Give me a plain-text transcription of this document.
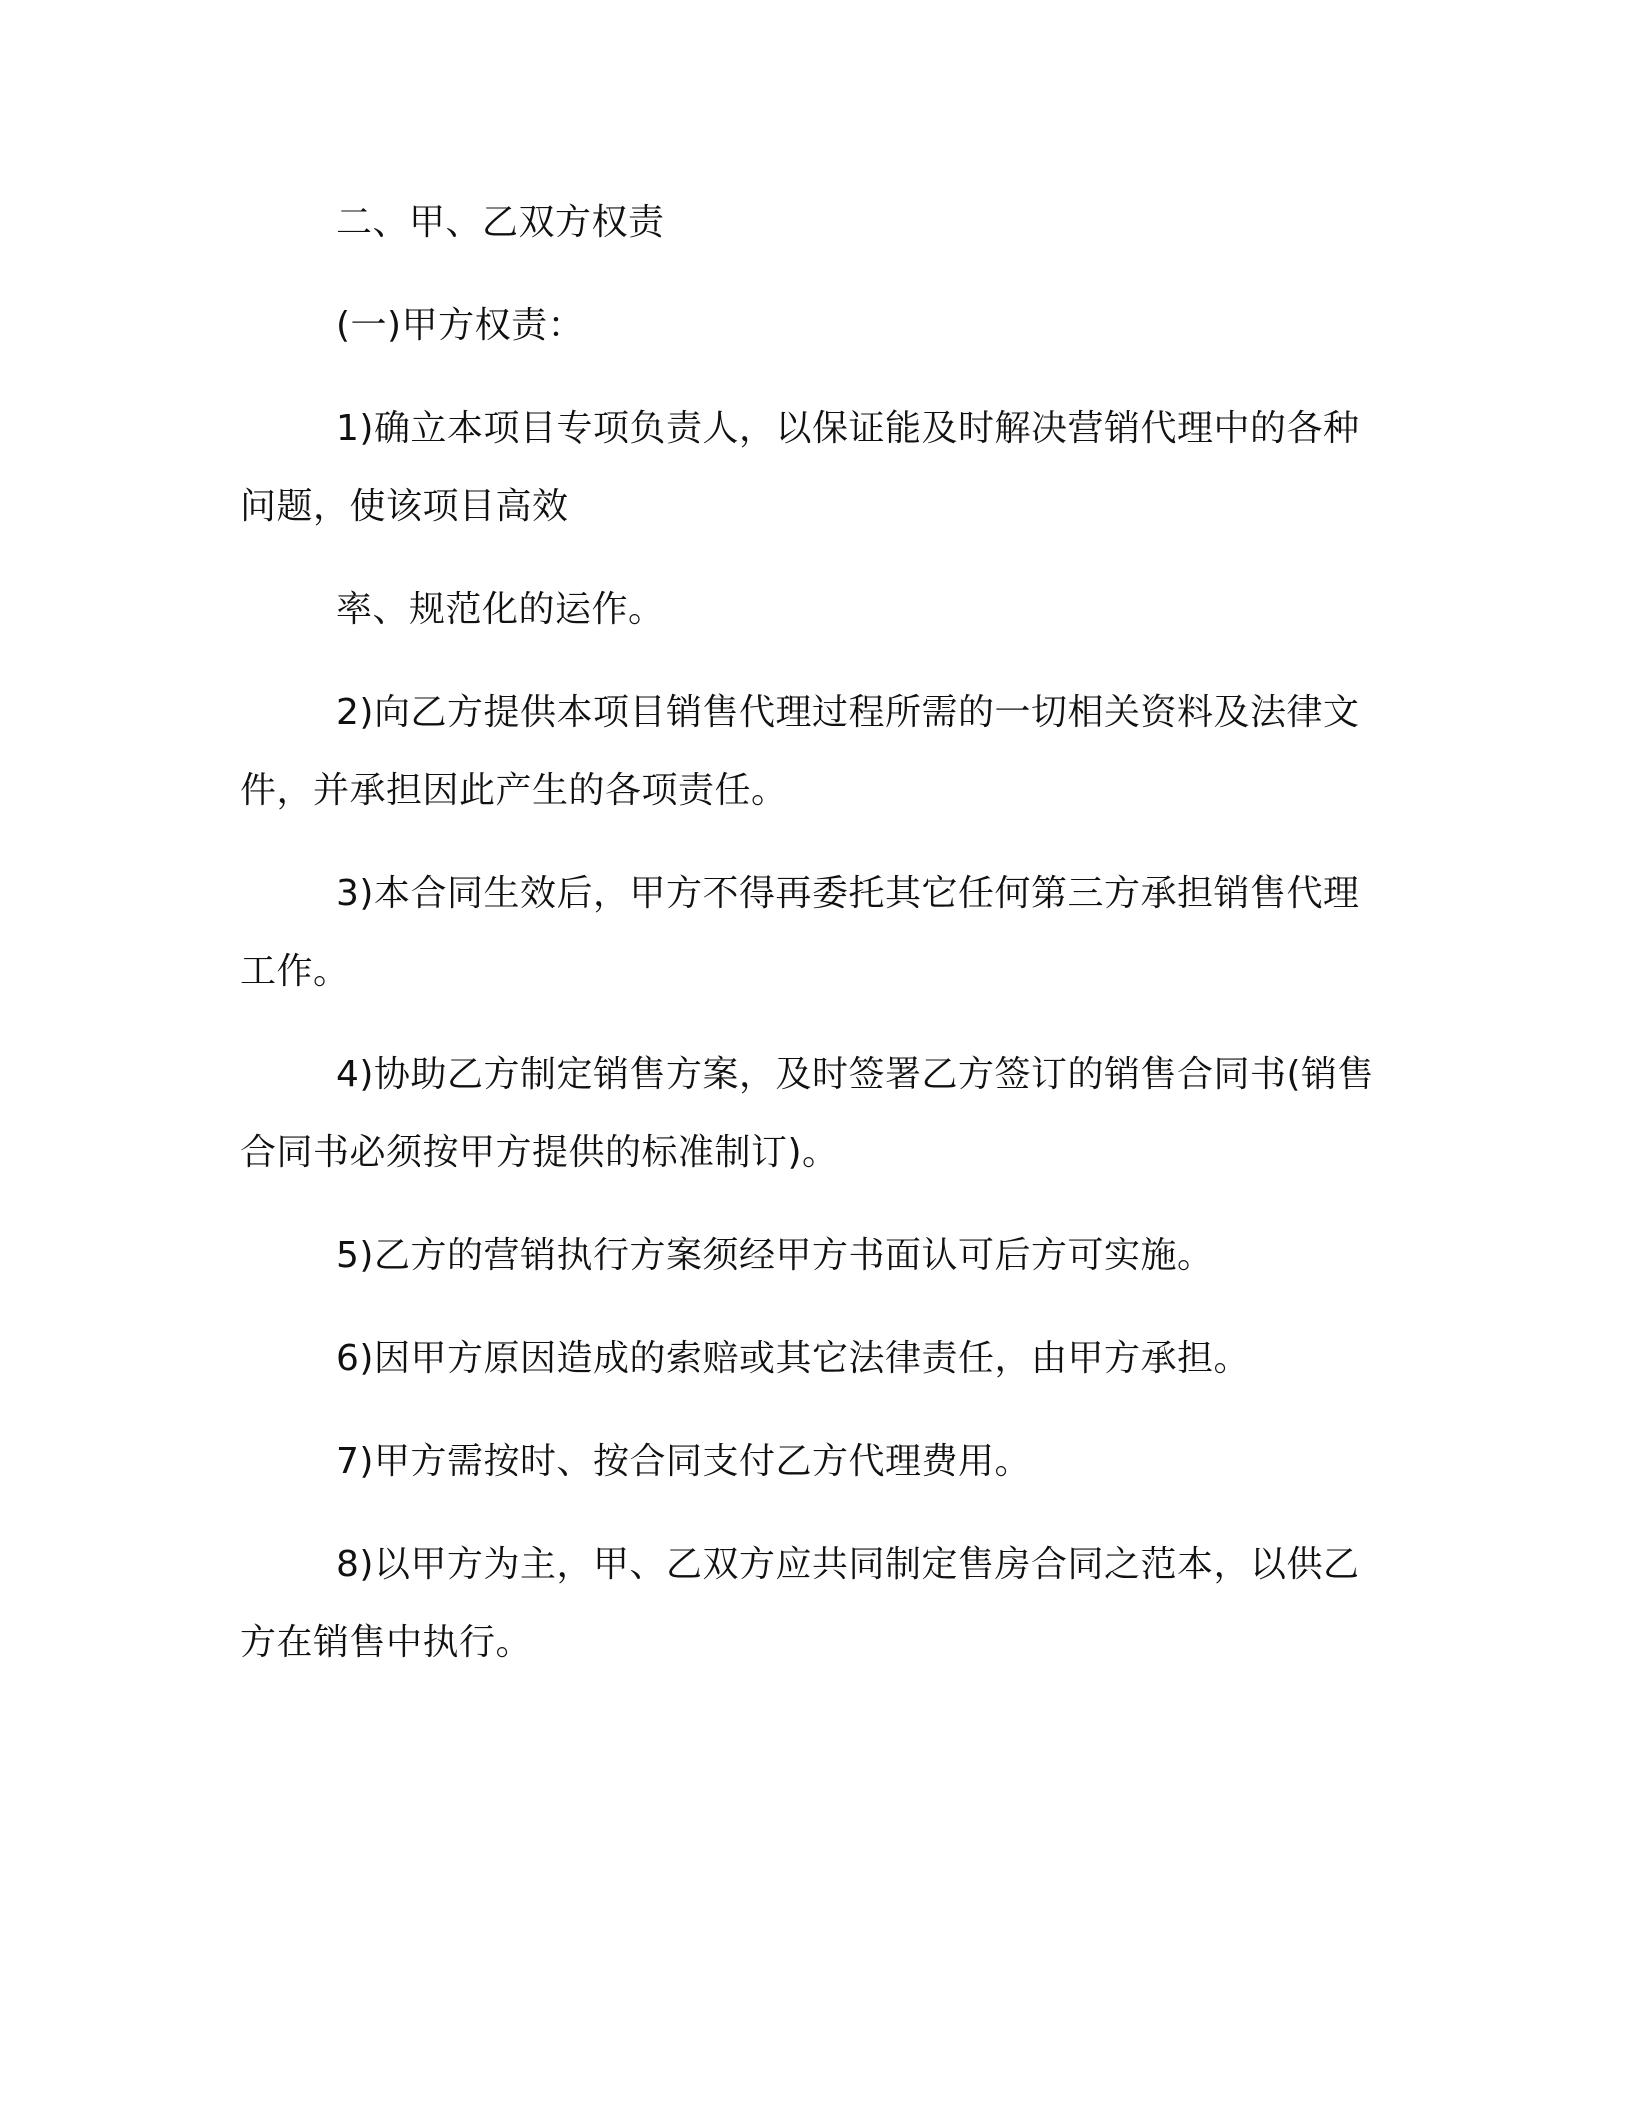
二、甲、乙双方权责

(一)甲方权责：

1)确立本项目专项负责人，以保证能及时解决营销代理中的各种问题，使该项目高效

率、规范化的运作。

2)向乙方提供本项目销售代理过程所需的一切相关资料及法律文件，并承担因此产生的各项责任。

3)本合同生效后，甲方不得再委托其它任何第三方承担销售代理工作。

4)协助乙方制定销售方案，及时签署乙方签订的销售合同书(销售合同书必须按甲方提供的标准制订)。

5)乙方的营销执行方案须经甲方书面认可后方可实施。

6)因甲方原因造成的索赔或其它法律责任，由甲方承担。

7)甲方需按时、按合同支付乙方代理费用。

8)以甲方为主，甲、乙双方应共同制定售房合同之范本，以供乙方在销售中执行。
